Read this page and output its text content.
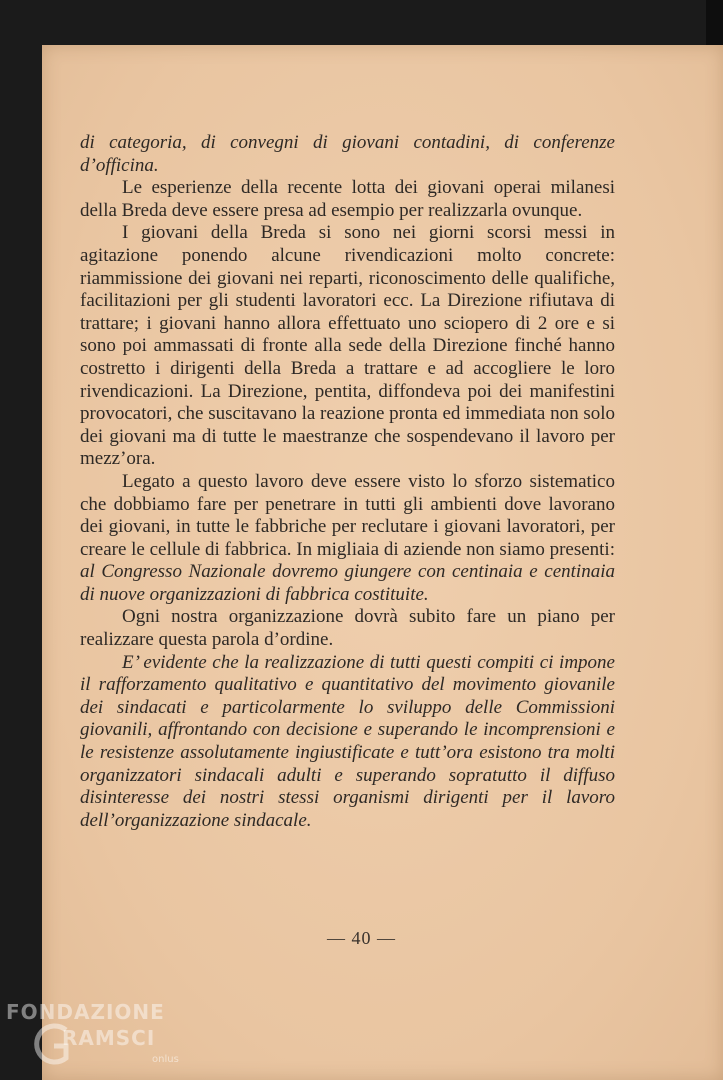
di categoria, di convegni di giovani contadini, di conferenze d’officina.

Le esperienze della recente lotta dei giovani operai milanesi della Breda deve essere presa ad esempio per realizzarla ovunque.

I giovani della Breda si sono nei giorni scorsi messi in agitazione ponendo alcune rivendicazioni molto concrete: riammissione dei giovani nei reparti, riconoscimento delle qualifiche, facilitazioni per gli studenti lavoratori ecc. La Direzione rifiutava di trattare; i giovani hanno allora effettuato uno sciopero di 2 ore e si sono poi ammassati di fronte alla sede della Direzione finché hanno costretto i dirigenti della Breda a trattare e ad accogliere le loro rivendicazioni. La Direzione, pentita, diffondeva poi dei manifestini provocatori, che suscitavano la reazione pronta ed immediata non solo dei giovani ma di tutte le maestranze che sospendevano il lavoro per mezz’ora.

Legato a questo lavoro deve essere visto lo sforzo sistematico che dobbiamo fare per penetrare in tutti gli ambienti dove lavorano dei giovani, in tutte le fabbriche per reclutare i giovani lavoratori, per creare le cellule di fabbrica. In migliaia di aziende non siamo presenti: al Congresso Nazionale dovremo giungere con centinaia e centinaia di nuove organizzazioni di fabbrica costituite.

Ogni nostra organizzazione dovrà subito fare un piano per realizzare questa parola d’ordine.

E’ evidente che la realizzazione di tutti questi compiti ci impone il rafforzamento qualitativo e quantitativo del movimento giovanile dei sindacati e particolarmente lo sviluppo delle Commissioni giovanili, affrontando con decisione e superando le incomprensioni e le resistenze assolutamente ingiustificate e tutt’ora esistono tra molti organizzatori sindacali adulti e superando sopratutto il diffuso disinteresse dei nostri stessi organismi dirigenti per il lavoro dell’organizzazione sindacale.

— 40 —
FONDAZIONE
RAMSCI
onlus
